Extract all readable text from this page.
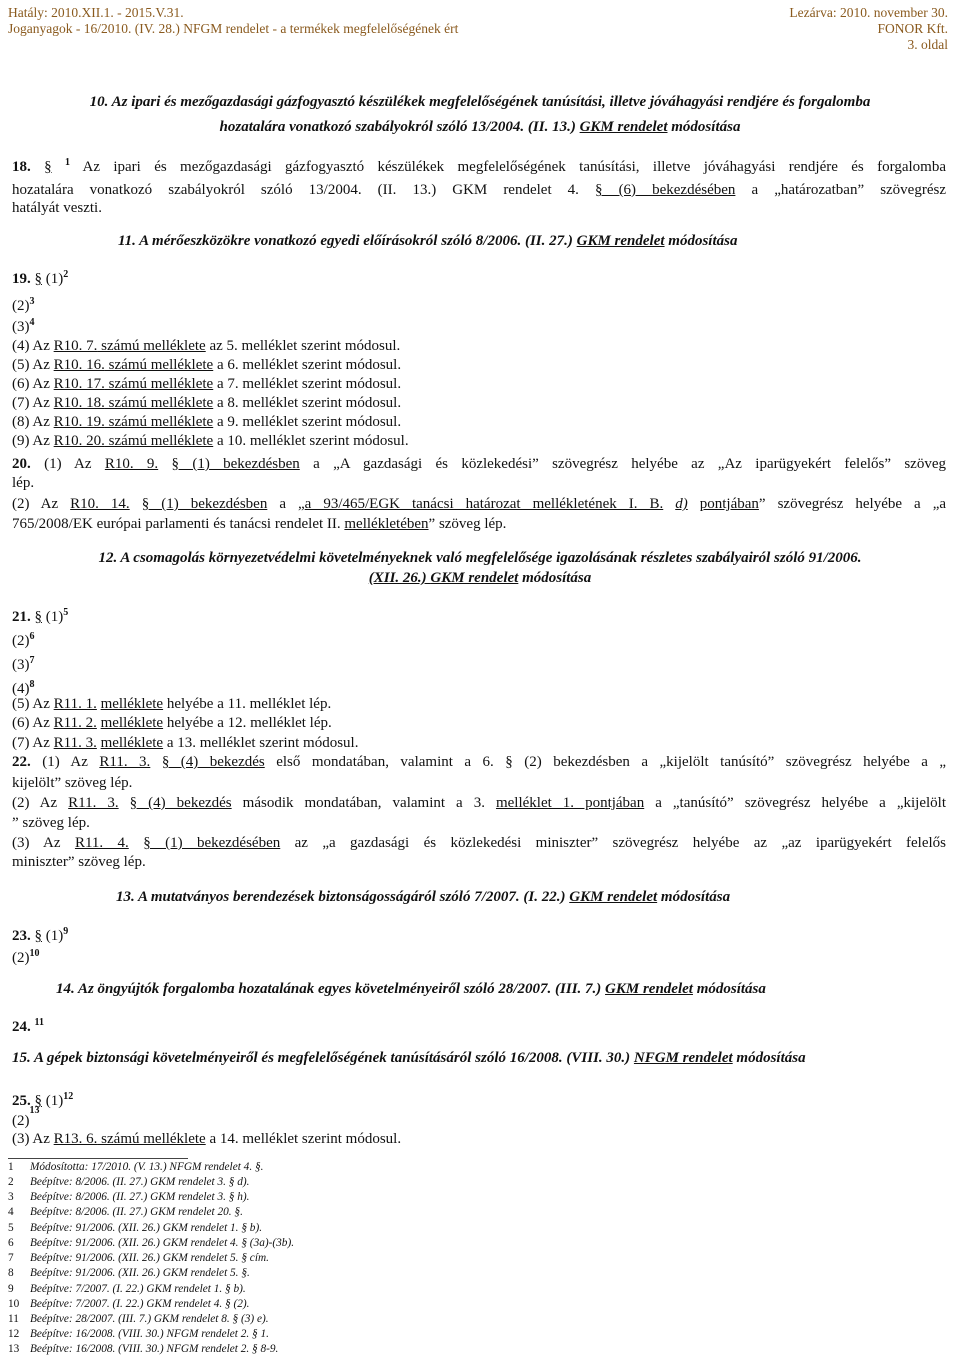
Hatály: 2010.XII.1. - 2015.V.31.
Joganyagok - 16/2010. (IV. 28.) NFGM rendelet - a termékek megfelelőségének ért
Lezárva: 2010. november 30.
FONOR Kft.
3. oldal
10. Az ipari és mezőgazdasági gázfogyasztó készülékek megfelelőségének tanúsítási, illetve jóváhagyási rendjére és forgalomba
hozatalára vonatkozó szabályokról szóló 13/2004. (II. 13.) GKM rendelet módosítása
18. § $^1$ Az ipari és mezőgazdasági gázfogyasztó készülékek megfelelőségének tanúsítási, illetve jóváhagyási rendjére és forgalomba
hozatalára vonatkozó szabályokról szóló 13/2004. (II. 13.) GKM rendelet 4. § (6) bekezdésében a „határozatban” szövegrész
hatályát veszti.
11. A mérőeszközökre vonatkozó egyedi előírásokról szóló 8/2006. (II. 27.) GKM rendelet módosítása
19. § $(1)^2$
$(2)^3$
$(3)^4$
(4) Az R10. 7. számú melléklete az 5. melléklet szerint módosul.
(5) Az R10. 16. számú melléklete a 6. melléklet szerint módosul.
(6) Az R10. 17. számú melléklete a 7. melléklet szerint módosul.
(7) Az R10. 18. számú melléklete a 8. melléklet szerint módosul.
(8) Az R10. 19. számú melléklete a 9. melléklet szerint módosul.
(9) Az R10. 20. számú melléklete a 10. melléklet szerint módosul.
20. (1) Az R10. 9. § (1) bekezdésben a „A gazdasági és közlekedési” szövegrész helyébe az „Az iparügyekért felelős” szöveg
lép.
(2) Az R10. 14. § (1) bekezdésben a „a 93/465/EGK tanácsi határozat mellékletének I. B. d) pontjában” szövegrész helyébe a „a
765/2008/EK európai parlamenti és tanácsi rendelet II. mellékletében” szöveg lép.
12. A csomagolás környezetvédelmi követelményeknek való megfelelősége igazolásának részletes szabályairól szóló 91/2006.
(XII. 26.) GKM rendelet módosítása
21. § $(1)^5$
$(2)^6$
$(3)^7$
$(4)^8$
(5) Az R11. 1. melléklete helyébe a 11. melléklet lép.
(6) Az R11. 2. melléklete helyébe a 12. melléklet lép.
(7) Az R11. 3. melléklete a 13. melléklet szerint módosul.
22. (1) Az R11. 3. § (4) bekezdés első mondatában, valamint a 6. § (2) bekezdésben a „kijelölt tanúsító” szövegrész helyébe a „
kijelölt” szöveg lép.
(2) Az R11. 3. § (4) bekezdés második mondatában, valamint a 3. melléklet 1. pontjában a „tanúsító” szövegrész helyébe a „kijelölt
” szöveg lép.
(3) Az R11. 4. § (1) bekezdésében az „a gazdasági és közlekedési miniszter” szövegrész helyébe az „az iparügyekért felelős
miniszter” szöveg lép.
13. A mutatványos berendezések biztonságosságáról szóló 7/2007. (I. 22.) GKM rendelet módosítása
23. § $(1)^9$
$(2)^{10}$
14. Az öngyújtók forgalomba hozatalának egyes követelményeiről szóló 28/2007. (III. 7.) GKM rendelet módosítása
24. $^{11}$
15. A gépek biztonsági követelményeiről és megfelelőségének tanúsításáról szóló 16/2008. (VIII. 30.) NFGM rendelet módosítása
25. § $(1)^{12}$
$(2)^{13}$
(3) Az R13. 6. számú melléklete a 14. melléklet szerint módosul.
1 Módosította: 17/2010. (V. 13.) NFGM rendelet 4. §.
2 Beépítve: 8/2006. (II. 27.) GKM rendelet 3. § d).
3 Beépítve: 8/2006. (II. 27.) GKM rendelet 3. § h).
4 Beépítve: 8/2006. (II. 27.) GKM rendelet 20. §.
5 Beépítve: 91/2006. (XII. 26.) GKM rendelet 1. § b).
6 Beépítve: 91/2006. (XII. 26.) GKM rendelet 4. § (3a)-(3b).
7 Beépítve: 91/2006. (XII. 26.) GKM rendelet 5. § cím.
8 Beépítve: 91/2006. (XII. 26.) GKM rendelet 5. §.
9 Beépítve: 7/2007. (I. 22.) GKM rendelet 1. § b).
10 Beépítve: 7/2007. (I. 22.) GKM rendelet 4. § (2).
11 Beépítve: 28/2007. (III. 7.) GKM rendelet 8. § (3) e).
12 Beépítve: 16/2008. (VIII. 30.) NFGM rendelet 2. § 1.
13 Beépítve: 16/2008. (VIII. 30.) NFGM rendelet 2. § 8-9.
